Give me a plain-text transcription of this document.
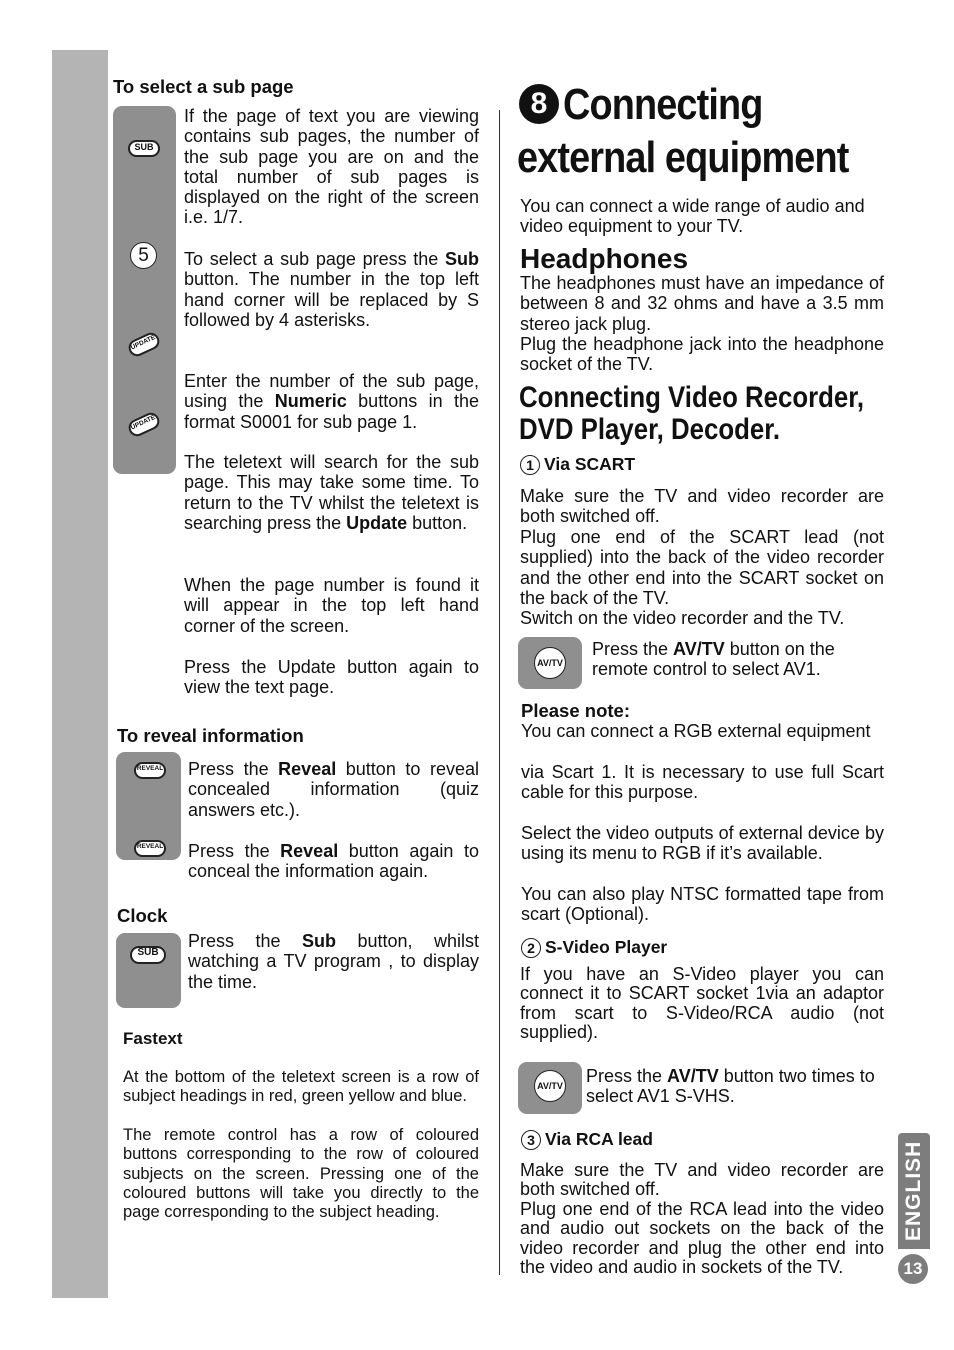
To select a sub page
SUB
5
UPDATE
UPDATE
If the page of text you are viewing contains sub pages, the number of the sub page you are on and the total number of sub pages is displayed on the right of the screen i.e. 1/7.
To select a sub page press the Sub button. The number in the top left hand corner will be replaced by S followed by 4 asterisks.
Enter the number of the sub page, using the Numeric buttons in the format S0001 for sub page 1.
The teletext will search for the sub page. This may take some time. To return to the TV whilst the teletext is searching press the Update button.
When the page number is found it will appear in the top left hand corner of the screen.
Press the Update button again to view the text page.
To reveal information
REVEAL
REVEAL
Press the Reveal button to reveal concealed information (quiz answers etc.).
Press the Reveal button again to conceal the information again.
Clock
SUB
Press the Sub button, whilst watching a TV program , to display the time.
Fastext
At the bottom of the teletext screen is a row of subject headings in red, green yellow and blue.
The remote control has a row of coloured buttons corresponding to the row of coloured subjects on the screen. Pressing one of the coloured buttons will take you directly to the page corresponding to the subject heading.
8 Connecting
external equipment
You can connect a wide range of audio and video equipment to your TV.
Headphones
The headphones must have an impedance of between 8 and 32 ohms and have a 3.5 mm stereo jack plug.
Plug the headphone jack into the headphone socket of the TV.
Connecting Video Recorder,
DVD Player, Decoder.
1 Via SCART
Make sure the TV and video recorder are both switched off.
Plug one end of the SCART lead (not supplied) into the back of the video recorder and the other end into the SCART socket on the back of the TV.
Switch on the video recorder and the TV.
AV/TV
Press the AV/TV button on the remote control to select AV1.
Please note:
You can connect a RGB external equipment
via Scart 1. It is necessary to use full Scart cable for this purpose.
Select the video outputs of external device by using its menu to RGB if it’s available.
You can also play NTSC formatted tape from scart (Optional).
2 S-Video Player
If you have an S-Video player you can connect it to SCART socket 1via an adaptor from scart to S-Video/RCA audio (not supplied).
AV/TV Press the AV/TV button two times to select AV1 S-VHS.
3 Via RCA lead
Make sure the TV and video recorder are both switched off.
Plug one end of the RCA lead into the video and audio out sockets on the back of the video recorder and plug the other end into the video and audio in sockets of the TV.
ENGLISH
13
